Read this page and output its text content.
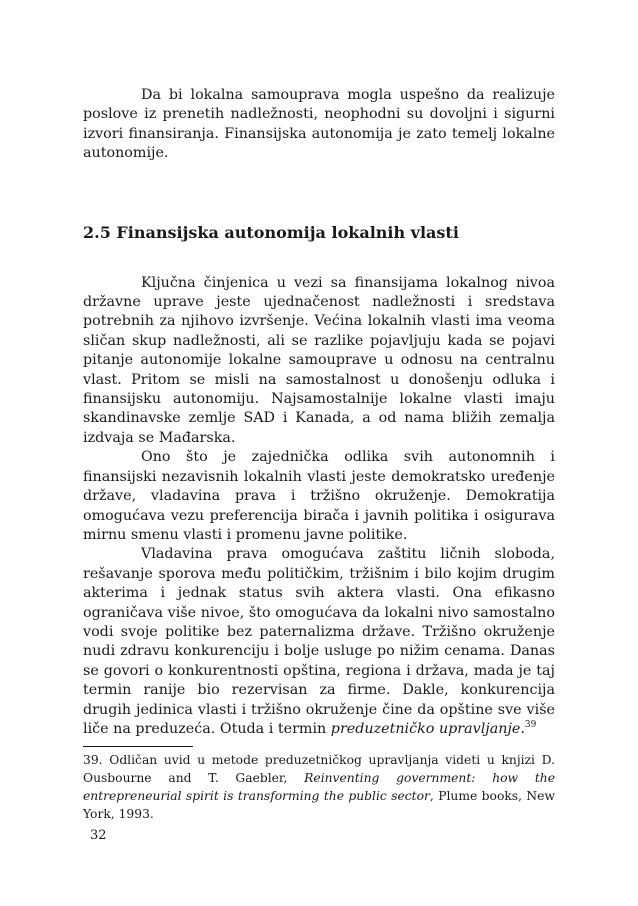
Da bi lokalna samouprava mogla uspešno da realizuje poslove iz prenetih nadležnosti, neophodni su dovoljni i sigurni izvori finansiranja. Finansijska autonomija je zato temelj lokalne autonomije.

2.5 Finansijska autonomija lokalnih vlasti

Ključna činjenica u vezi sa finansijama lokalnog nivoa državne uprave jeste ujednačenost nadležnosti i sredstava potrebnih za njihovo izvršenje. Većina lokalnih vlasti ima veoma sličan skup nadležnosti, ali se razlike pojavljuju kada se pojavi pitanje autonomije lokalne samouprave u odnosu na centralnu vlast. Pritom se misli na samostalnost u donošenju odluka i finansijsku autonomiju. Najsamostalnije lokalne vlasti imaju skandinavske zemlje SAD i Kanada, a od nama bližih zemalja izdvaja se Mađarska.

Ono što je zajednička odlika svih autonomnih i finansijski nezavisnih lokalnih vlasti jeste demokratsko uređenje države, vladavina prava i tržišno okruženje. Demokratija omogućava vezu preferencija birača i javnih politika i osigurava mirnu smenu vlasti i promenu javne politike.

Vladavina prava omogućava zaštitu ličnih sloboda, rešavanje sporova među političkim, tržišnim i bilo kojim drugim akterima i jednak status svih aktera vlasti. Ona efikasno ograničava više nivoe, što omogućava da lokalni nivo samostalno vodi svoje politike bez paternalizma države. Tržišno okruženje nudi zdravu konkurenciju i bolje usluge po nižim cenama. Danas se govori o konkurentnosti opština, regiona i država, mada je taj termin ranije bio rezervisan za firme. Dakle, konkurencija drugih jedinica vlasti i tržišno okruženje čine da opštine sve više liče na preduzeća. Otuda i termin preduzetničko upravljanje.$^{39}$

39. Odličan uvid u metode preduzetničkog upravljanja videti u knjizi D. Ousbourne and T. Gaebler, Reinventing government: how the entrepreneurial spirit is transforming the public sector, Plume books, New York, 1993.

32
